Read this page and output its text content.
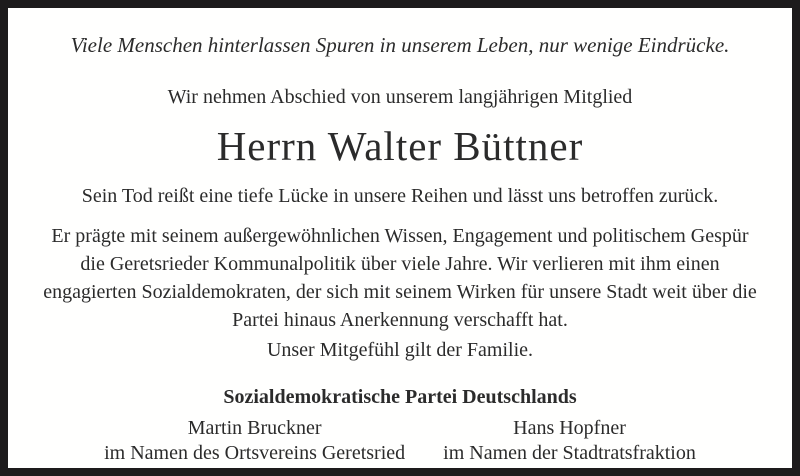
Viele Menschen hinterlassen Spuren in unserem Leben, nur wenige Eindrücke.
Wir nehmen Abschied von unserem langjährigen Mitglied
Herrn Walter Büttner
Sein Tod reißt eine tiefe Lücke in unsere Reihen und lässt uns betroffen zurück.
Er prägte mit seinem außergewöhnlichen Wissen, Engagement und politischem Gespür
die Geretsrieder Kommunalpolitik über viele Jahre. Wir verlieren mit ihm einen
engagierten Sozialdemokraten, der sich mit seinem Wirken für unsere Stadt weit über die
Partei hinaus Anerkennung verschafft hat.
Unser Mitgefühl gilt der Familie.
Sozialdemokratische Partei Deutschlands
Martin Bruckner
im Namen des Ortsvereins Geretsried
Hans Hopfner
im Namen der Stadtratsfraktion
